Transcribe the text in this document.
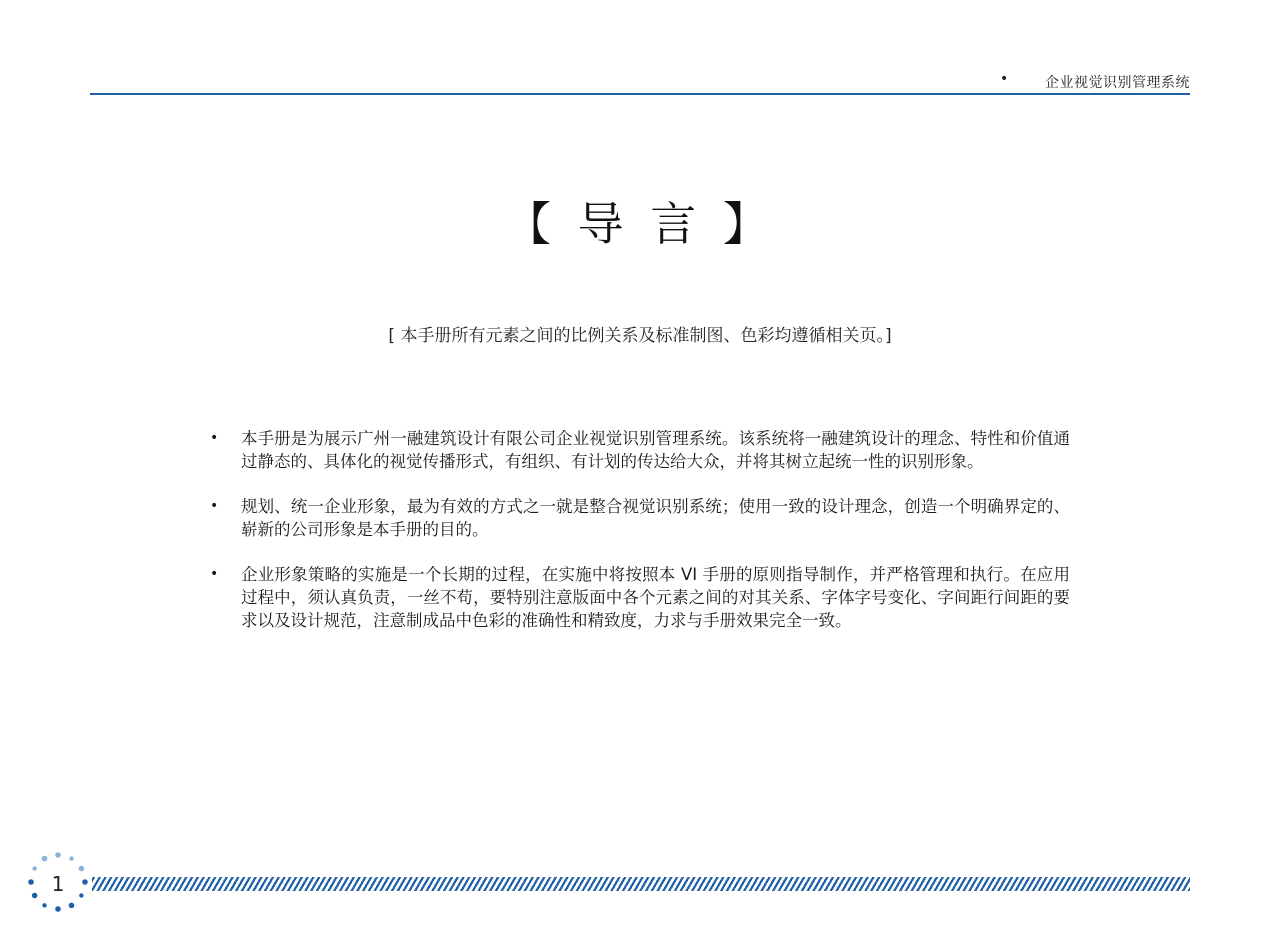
•	企业视觉识别管理系统
【 导 言 】
[ 本手册所有元素之间的比例关系及标准制图、色彩均遵循相关页。]
• 本手册是为展示广州一融建筑设计有限公司企业视觉识别管理系统。该系统将一融建筑设计的理念、特性和价值通过静态的、具体化的视觉传播形式，有组织、有计划的传达给大众，并将其树立起统一性的识别形象。
• 规划、统一企业形象，最为有效的方式之一就是整合视觉识别系统；使用一致的设计理念，创造一个明确界定的、崭新的公司形象是本手册的目的。
• 企业形象策略的实施是一个长期的过程，在实施中将按照本 VI 手册的原则指导制作，并严格管理和执行。在应用过程中，须认真负责，一丝不苟，要特别注意版面中各个元素之间的对其关系、字体字号变化、字间距行间距的要求以及设计规范，注意制成品中色彩的准确性和精致度，力求与手册效果完全一致。
1
